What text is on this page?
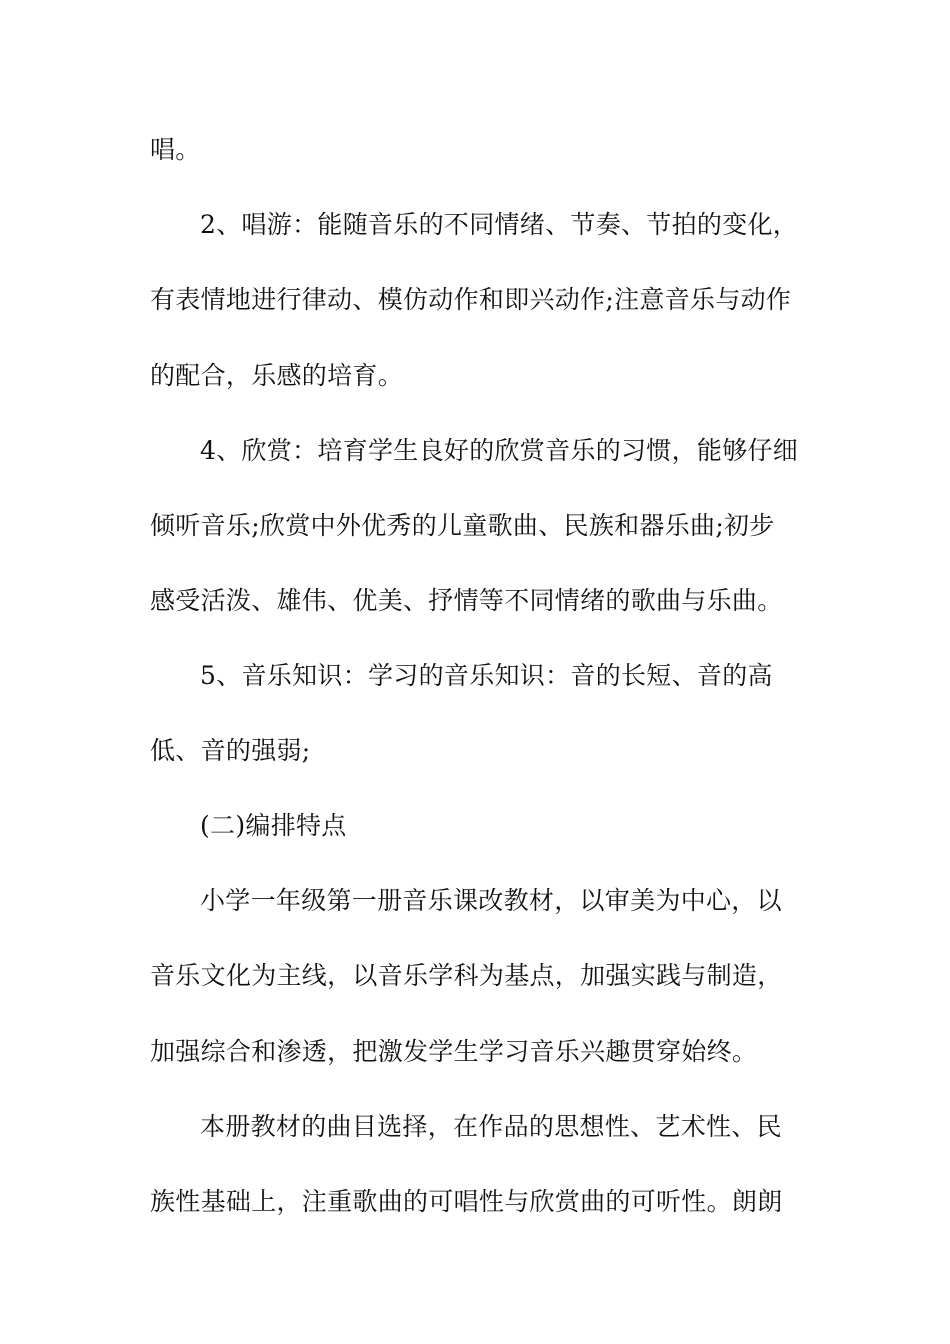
唱。
2、唱游：能随音乐的不同情绪、节奏、节拍的变化，
有表情地进行律动、模仿动作和即兴动作;注意音乐与动作
的配合，乐感的培育。
4、欣赏：培育学生良好的欣赏音乐的习惯，能够仔细
倾听音乐;欣赏中外优秀的儿童歌曲、民族和器乐曲;初步
感受活泼、雄伟、优美、抒情等不同情绪的歌曲与乐曲。
5、音乐知识：学习的音乐知识：音的长短、音的高
低、音的强弱;
(二)编排特点
小学一年级第一册音乐课改教材，以审美为中心，以
音乐文化为主线，以音乐学科为基点，加强实践与制造，
加强综合和渗透，把激发学生学习音乐兴趣贯穿始终。
本册教材的曲目选择，在作品的思想性、艺术性、民
族性基础上，注重歌曲的可唱性与欣赏曲的可听性。朗朗
